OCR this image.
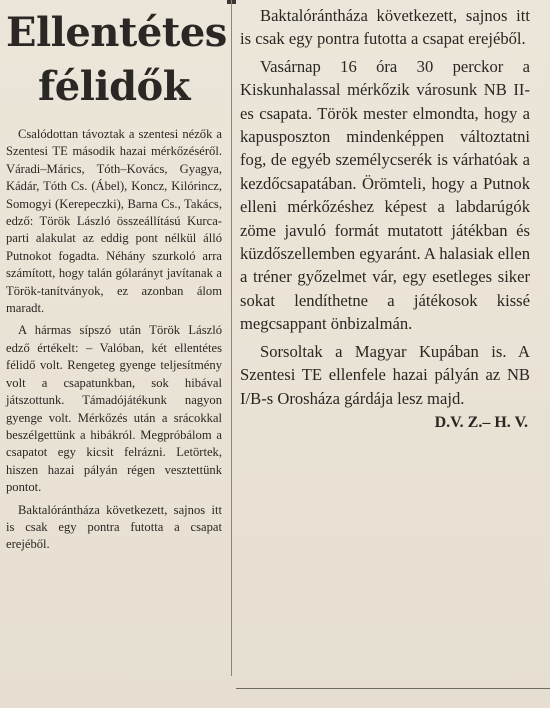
Ellentétes
félidők

Csalódottan távoztak a szentesi nézők a Szentesi TE második hazai mérkőzéséről. Váradi–Márics, Tóth–Kovács, Gyagya, Kádár, Tóth Cs. (Ábel), Koncz, Kilórincz, Somogyi (Kerepeczki), Barna Cs., Takács, edző: Török László összeállítású Kurca-parti alakulat az eddig pont nélkül álló Putnokot fogadta. Néhány szurkoló arra számított, hogy talán gólarányt javítanak a Török-tanítványok, ez azonban álom maradt.

A hármas sípszó után Török László edző értékelt: – Valóban, két ellentétes félidő volt. Rengeteg gyenge teljesítmény volt a csapatunkban, sok hibával játszottunk. Támadójátékunk nagyon gyenge volt. Mérkőzés után a srácokkal beszélgettünk a hibákról. Megpróbálom a csapatot egy kicsit felrázni. Letörtek, hiszen hazai pályán régen vesztettünk pontot.

Baktalórántháza következett, sajnos itt is csak egy pontra futotta a csapat erejéből.

Baktalórántháza következett, sajnos itt is csak egy pontra futotta a csapat erejéből.

Vasárnap 16 óra 30 perckor a Kiskunhalassal mérkőzik városunk NB II-es csapata. Török mester elmondta, hogy a kapusposzton mindenképpen változtatni fog, de egyéb személycserék is várhatóak a kezdőcsapatában. Örömteli, hogy a Putnok elleni mérkőzéshez képest a labdarúgók zöme javuló formát mutatott játékban és küzdőszellemben egyaránt. A halasiak ellen a tréner győzelmet vár, egy esetleges siker sokat lendíthetne a játékosok kissé megcsappant önbizalmán.

Sorsoltak a Magyar Kupában is. A Szentesi TE ellenfele hazai pályán az NB I/B-s Orosháza gárdája lesz majd.

D.V. Z.– H. V.
